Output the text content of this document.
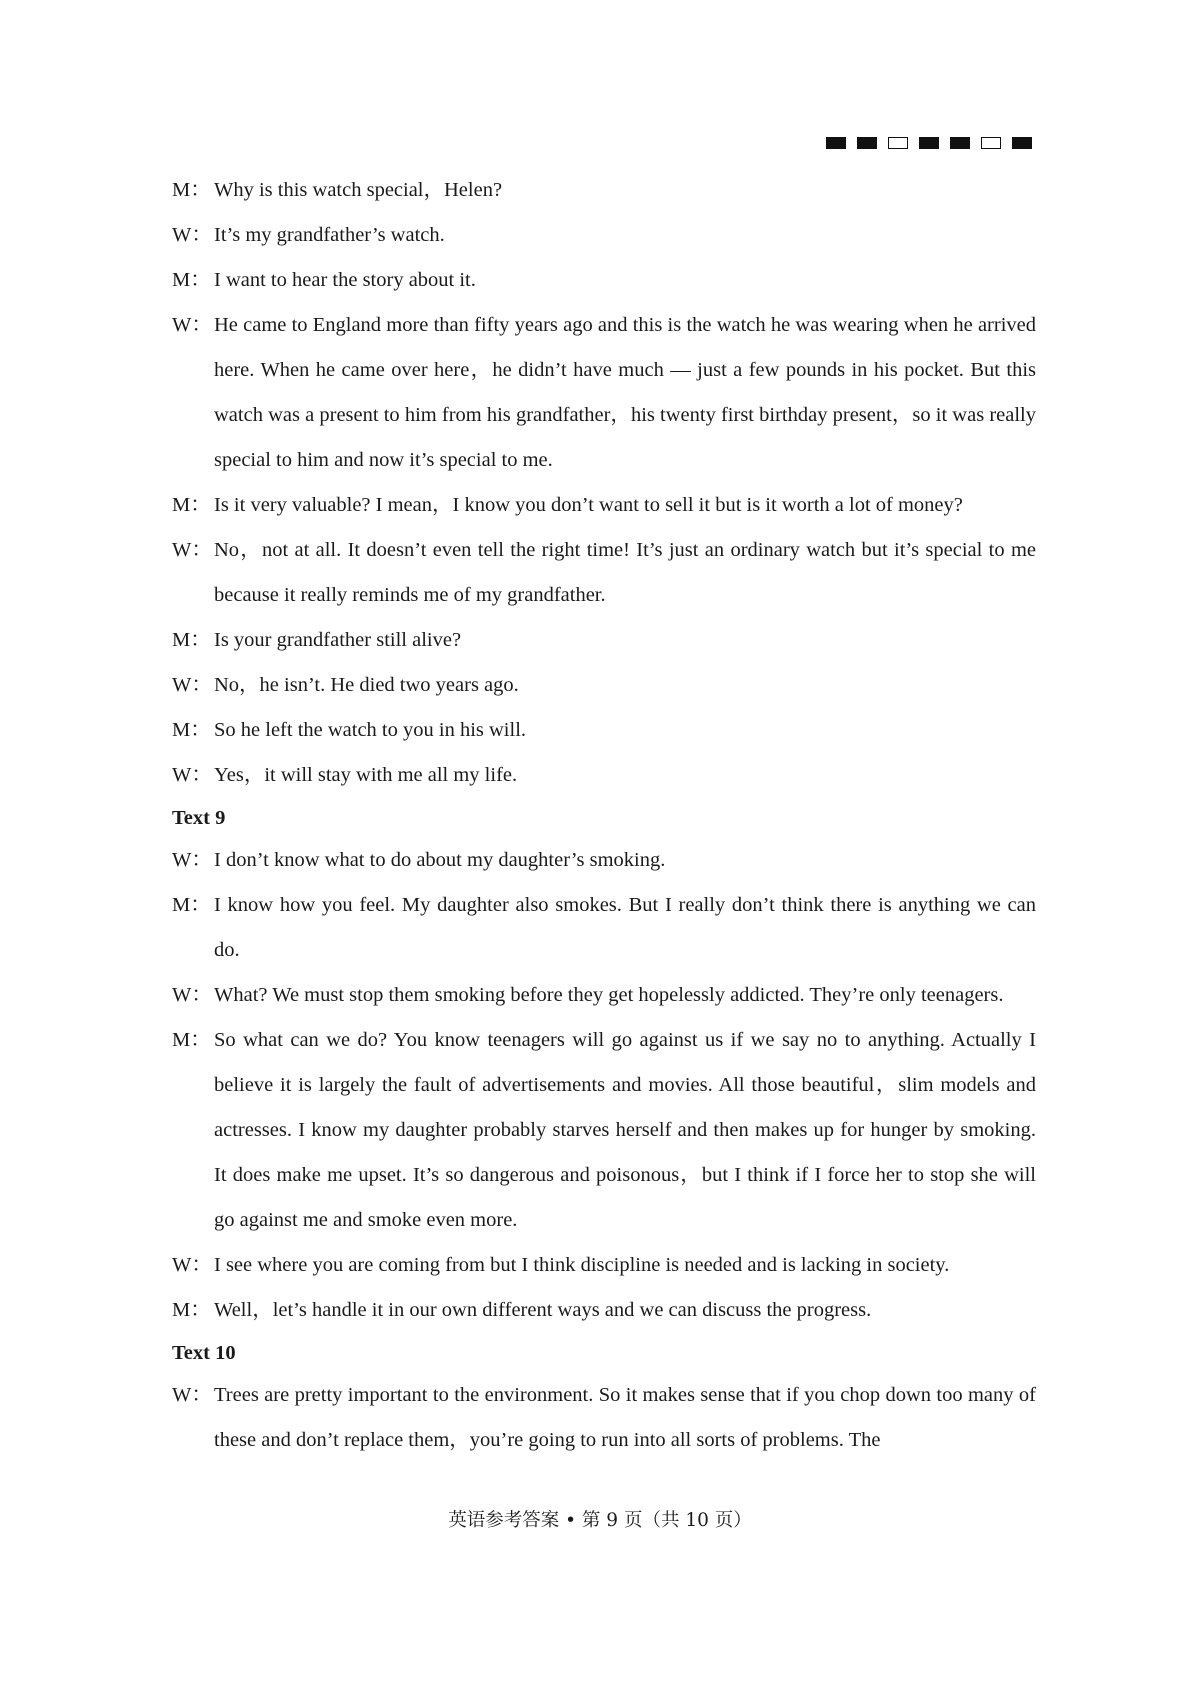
M： Why is this watch special，Helen?
W： It’s my grandfather’s watch.
M： I want to hear the story about it.
W： He came to England more than fifty years ago and this is the watch he was wearing when he arrived here. When he came over here，he didn’t have much — just a few pounds in his pocket. But this watch was a present to him from his grandfather，his twenty first birthday present，so it was really special to him and now it’s special to me.
M： Is it very valuable? I mean，I know you don’t want to sell it but is it worth a lot of money?
W： No，not at all. It doesn’t even tell the right time! It’s just an ordinary watch but it’s special to me because it really reminds me of my grandfather.
M： Is your grandfather still alive?
W： No，he isn’t. He died two years ago.
M： So he left the watch to you in his will.
W： Yes，it will stay with me all my life.
Text 9
W： I don’t know what to do about my daughter’s smoking.
M： I know how you feel. My daughter also smokes. But I really don’t think there is anything we can do.
W： What? We must stop them smoking before they get hopelessly addicted. They’re only teenagers.
M： So what can we do? You know teenagers will go against us if we say no to anything. Actually I believe it is largely the fault of advertisements and movies. All those beautiful，slim models and actresses. I know my daughter probably starves herself and then makes up for hunger by smoking. It does make me upset. It’s so dangerous and poisonous，but I think if I force her to stop she will go against me and smoke even more.
W： I see where you are coming from but I think discipline is needed and is lacking in society.
M： Well，let’s handle it in our own different ways and we can discuss the progress.
Text 10
W： Trees are pretty important to the environment. So it makes sense that if you chop down too many of these and don’t replace them，you’re going to run into all sorts of problems. The
英语参考答案 • 第 9 页（共 10 页）
